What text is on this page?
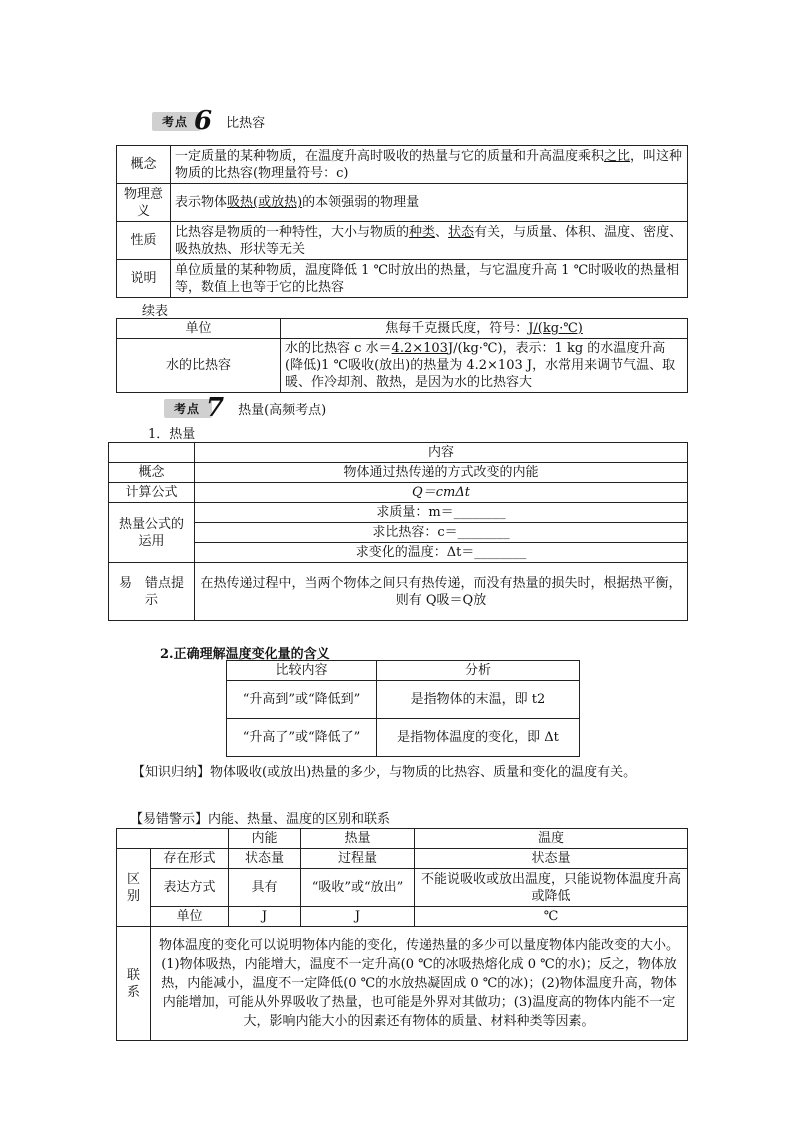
考点 6 比热容
概念	一定质量的某种物质，在温度升高时吸收的热量与它的质量和升高温度乘积之比，叫这种物质的比热容(物理量符号：c)
物理意义	表示物体吸热(或放热)的本领强弱的物理量
性质	比热容是物质的一种特性，大小与物质的种类、状态有关，与质量、体积、温度、密度、吸热放热、形状等无关
说明	单位质量的某种物质，温度降低 1 ℃时放出的热量，与它温度升高 1 ℃时吸收的热量相等，数值上也等于它的比热容
续表
单位	焦每千克摄氏度，符号：J/(kg·℃)
水的比热容	水的比热容 c 水＝4.2×103J/(kg·℃)，表示：1 kg 的水温度升高(降低)1 ℃吸收(放出)的热量为 4.2×103 J，水常用来调节气温、取暖、作冷却剂、散热，是因为水的比热容大
考点 7 热量(高频考点)
1．热量
	内容
概念	物体通过热传递的方式改变的内能
计算公式	Q＝cmΔt
热量公式的运用	求质量：m＝________
	求比热容：c＝________
	求变化的温度：Δt＝________
易　错点提示	在热传递过程中，当两个物体之间只有热传递，而没有热量的损失时，根据热平衡，则有 Q吸＝Q放
2.正确理解温度变化量的含义
比较内容	分析
“升高到”或“降低到”	是指物体的末温，即 t2
“升高了”或“降低了”	是指物体温度的变化，即 Δt
【知识归纳】物体吸收(或放出)热量的多少，与物质的比热容、质量和变化的温度有关。
【易错警示】内能、热量、温度的区别和联系
		内能	热量	温度
区别	存在形式	状态量	过程量	状态量
	表达方式	具有	“吸收”或“放出”	不能说吸收或放出温度，只能说物体温度升高或降低
	单位	J	J	℃
联系	物体温度的变化可以说明物体内能的变化，传递热量的多少可以量度物体内能改变的大小。(1)物体吸热，内能增大，温度不一定升高(0 ℃的冰吸热熔化成 0 ℃的水)；反之，物体放热，内能减小，温度不一定降低(0 ℃的水放热凝固成 0 ℃的冰)；(2)物体温度升高，物体内能增加，可能从外界吸收了热量，也可能是外界对其做功；(3)温度高的物体内能不一定大，影响内能大小的因素还有物体的质量、材料种类等因素。			
